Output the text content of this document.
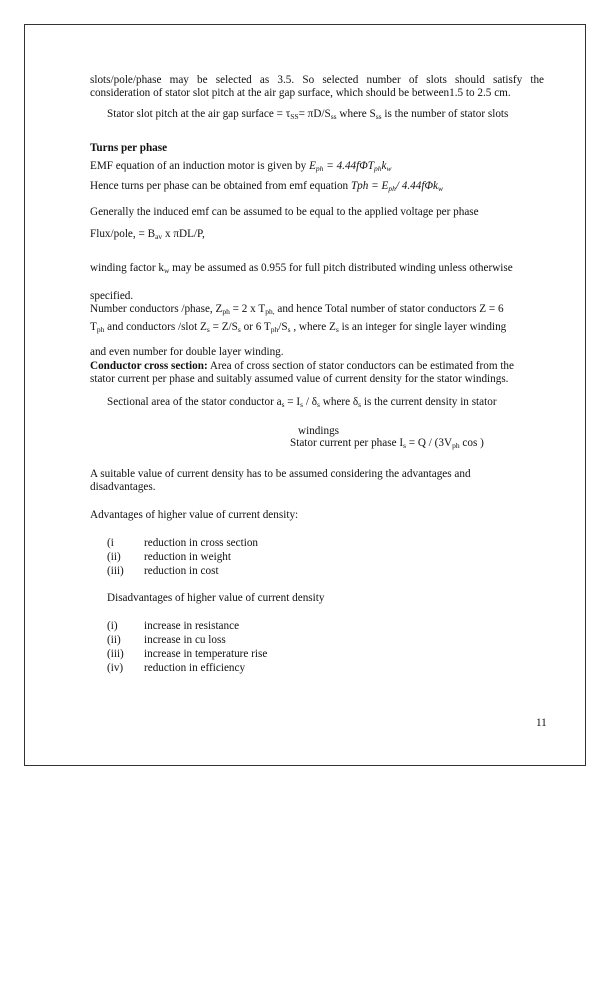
slots/pole/phase may be selected as 3.5. So selected number of slots should satisfy the
consideration of stator slot pitch at the air gap surface, which should be between1.5 to 2.5 cm.
Stator slot pitch at the air gap surface = $\tau_{SS}= \pi D/S_{ss}$ where $S_{ss}$ is the number of stator slots
Turns per phase
EMF equation of an induction motor is given by $E_{ph} = 4.44f\Phi T_{ph}k_w$
Hence turns per phase can be obtained from emf equation Tph = $E_{ph}/$ 4.44fΦk$_w$
Generally the induced emf can be assumed to be equal to the applied voltage per phase
Flux/pole, = $B_{av}$ x πDL/P,
winding factor $k_w$ may be assumed as 0.955 for full pitch distributed winding unless otherwise
specified.
Number conductors /phase, $Z_{ph} = 2$ x $T_{ph,}$ and hence Total number of stator conductors Z = 6
$T_{ph}$ and conductors /slot $Z_s = Z/S_s$ or 6 $T_{ph}/S_s$ , where $Z_s$ is an integer for single layer winding
and even number for double layer winding.
Conductor cross section: Area of cross section of stator conductors can be estimated from the
stator current per phase and suitably assumed value of current density for the stator windings.
Sectional area of the stator conductor $a_s = I_s / \delta_s$ where $\delta_s$ is the current density in stator
windings
Stator current per phase $I_s = Q / (3V_{ph}$ cos )
A suitable value of current density has to be assumed considering the advantages and
disadvantages.
Advantages of higher value of current density:
(i	reduction in cross section
(ii) reduction in weight
(iii) reduction in cost
Disadvantages of higher value of current density
(i) increase in resistance
(ii) increase in cu loss
(iii) increase in temperature rise
(iv) reduction in efficiency
11
